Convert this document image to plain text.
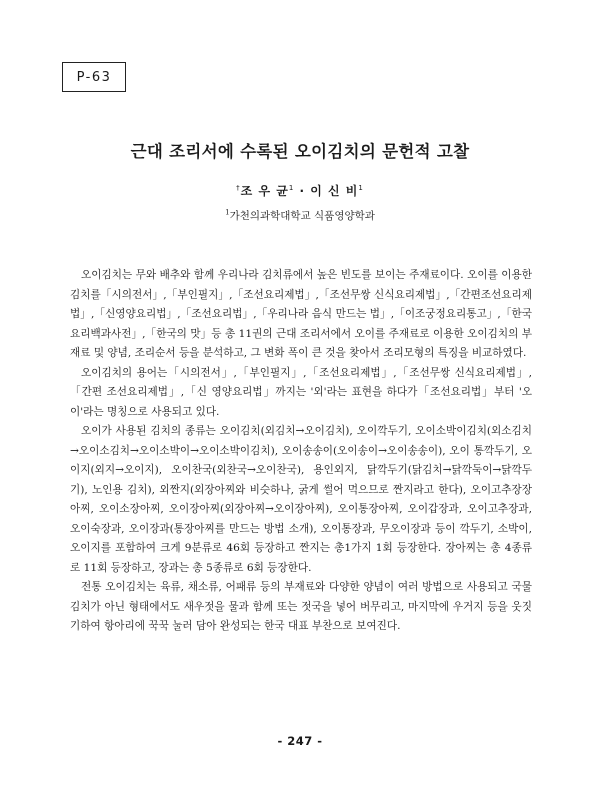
P-63
근대 조리서에 수록된 오이김치의 문헌적 고찰
†조 우 균$^1$ · 이 신 비$^1$
$^1$가천의과학대학교 식품영양학과

오이김치는 무와 배추와 함께 우리나라 김치류에서 높은 빈도를 보이는 주재료이다. 오이를 이용한 김치를「시의전서」,「부인필지」,「조선요리제법」,「조선무쌍 신식요리제법」,「간편조선요리제법」,「신영양요리법」,「조선요리법」,「우리나라 음식 만드는 법」,「이조궁정요리통고」,「한국요리백과사전」,「한국의 맛」등 총 11권의 근대 조리서에서 오이를 주재료로 이용한 오이김치의 부재료 및 양념, 조리순서 등을 분석하고, 그 변화 폭이 큰 것을 찾아서 조리모형의 특징을 비교하였다.

오이김치의 용어는「시의전서」,「부인필지」,「조선요리제법」,「조선무쌍 신식요리제법」,「간편 조선요리제법」,「신 영양요리법」까지는 '외'라는 표현을 하다가「조선요리법」부터 '오이'라는 명칭으로 사용되고 있다.

오이가 사용된 김치의 종류는 오이김치(외김치→오이김치), 오이깍두기, 오이소박이김치(외소김치→오이소김치→오이소박이→오이소박이김치), 오이송송이(오이송이→오이송송이), 오이 통깍두기, 오이지(외지→오이지), 오이찬국(외찬국→오이찬국), 용인외지, 닭깍두기(닭김치→닭깍둑이→닭깍두기), 노인용 김치), 외짠지(외장아찌와 비슷하나, 굵게 썰어 먹으므로 짠지라고 한다), 오이고추장장아찌, 오이소장아찌, 오이장아찌(외장아찌→오이장아찌), 오이통장아찌, 오이갑장과, 오이고추장과, 오이숙장과, 오이장과(통장아찌를 만드는 방법 소개), 오이통장과, 무오이장과 등이 깍두기, 소박이, 오이지를 포함하여 크게 9분류로 46회 등장하고 짠지는 총1가지 1회 등장한다. 장아찌는 총 4종류로 11회 등장하고, 장과는 총 5종류로 6회 등장한다.

전통 오이김치는 육류, 채소류, 어패류 등의 부재료와 다양한 양념이 여러 방법으로 사용되고 국물김치가 아닌 형태에서도 새우젓을 물과 함께 또는 젓국을 넣어 버무리고, 마지막에 우거지 등을 웃짓기하여 항아리에 꾹꾹 눌러 담아 완성되는 한국 대표 부찬으로 보여진다.

- 247 -
